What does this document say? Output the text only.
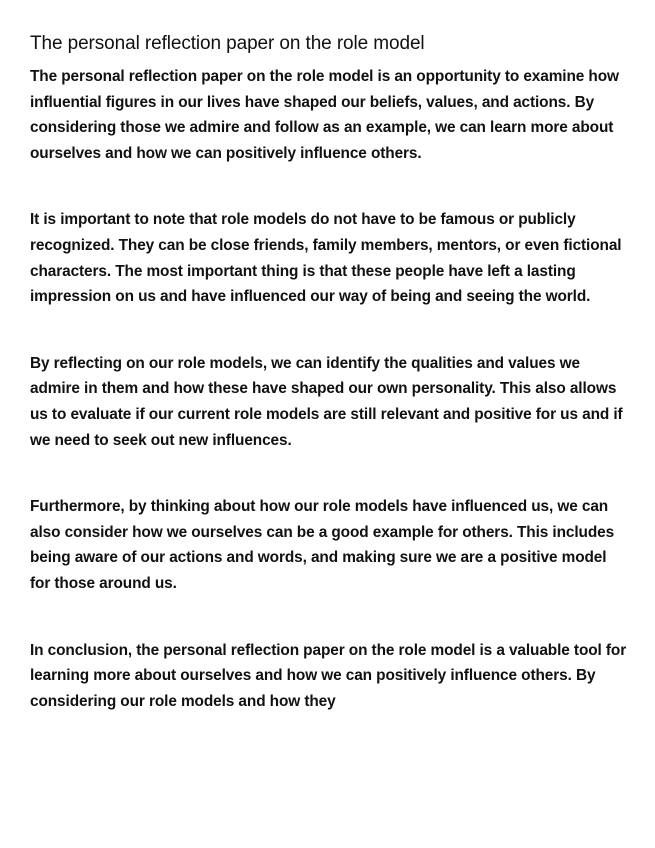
The personal reflection paper on the role model

The personal reflection paper on the role model is an opportunity to examine how influential figures in our lives have shaped our beliefs, values, and actions. By considering those we admire and follow as an example, we can learn more about ourselves and how we can positively influence others.

It is important to note that role models do not have to be famous or publicly recognized. They can be close friends, family members, mentors, or even fictional characters. The most important thing is that these people have left a lasting impression on us and have influenced our way of being and seeing the world.

By reflecting on our role models, we can identify the qualities and values we admire in them and how these have shaped our own personality. This also allows us to evaluate if our current role models are still relevant and positive for us and if we need to seek out new influences.

Furthermore, by thinking about how our role models have influenced us, we can also consider how we ourselves can be a good example for others. This includes being aware of our actions and words, and making sure we are a positive model for those around us.

In conclusion, the personal reflection paper on the role model is a valuable tool for learning more about ourselves and how we can positively influence others. By considering our role models and how they
